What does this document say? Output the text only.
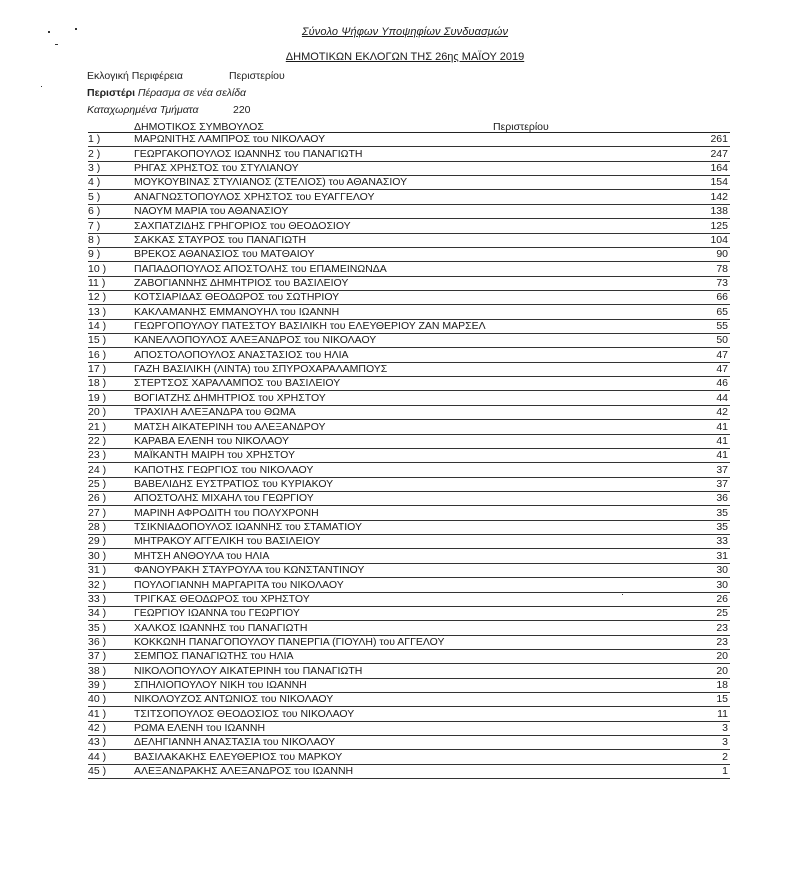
Σύνολο Ψήφων Υποψηφίων Συνδυασμών
ΔΗΜΟΤΙΚΩΝ ΕΚΛΟΓΩΝ ΤΗΣ 26ης ΜΑΪΟΥ 2019
Εκλογική Περιφέρεια	Περιστερίου
Περιστέρι Πέρασμα σε νέα σελίδα
Καταχωρημένα Τμήματα	220
ΔΗΜΟΤΙΚΟΣ ΣΥΜΒΟΥΛΟΣ	Περιστερίου
1 )	ΜΑΡΩΝΙΤΗΣ ΛΑΜΠΡΟΣ του ΝΙΚΟΛΑΟΥ	261
2 )	ΓΕΩΡΓΑΚΟΠΟΥΛΟΣ ΙΩΑΝΝΗΣ του ΠΑΝΑΓΙΩΤΗ	247
3 )	ΡΗΓΑΣ ΧΡΗΣΤΟΣ του ΣΤΥΛΙΑΝΟΥ	164
4 )	ΜΟΥΚΟΥΒΙΝΑΣ ΣΤΥΛΙΑΝΟΣ (ΣΤΕΛΙΟΣ) του ΑΘΑΝΑΣΙΟΥ	154
5 )	ΑΝΑΓΝΩΣΤΟΠΟΥΛΟΣ ΧΡΗΣΤΟΣ του ΕΥΑΓΓΕΛΟΥ	142
6 )	ΝΑΟΥΜ ΜΑΡΙΑ του ΑΘΑΝΑΣΙΟΥ	138
7 )	ΣΑΧΠΑΤΖΙΔΗΣ ΓΡΗΓΟΡΙΟΣ του ΘΕΟΔΟΣΙΟΥ	125
8 )	ΣΑΚΚΑΣ ΣΤΑΥΡΟΣ του ΠΑΝΑΓΙΩΤΗ	104
9 )	ΒΡΕΚΟΣ ΑΘΑΝΑΣΙΟΣ του ΜΑΤΘΑΙΟΥ	90
10 )	ΠΑΠΑΔΟΠΟΥΛΟΣ ΑΠΟΣΤΟΛΗΣ του ΕΠΑΜΕΙΝΩΝΔΑ	78
11 )	ΖΑΒΟΓΙΑΝΝΗΣ ΔΗΜΗΤΡΙΟΣ του ΒΑΣΙΛΕΙΟΥ	73
12 )	ΚΟΤΣΙΑΡΙΔΑΣ ΘΕΟΔΩΡΟΣ του ΣΩΤΗΡΙΟΥ	66
13 )	ΚΑΚΛΑΜΑΝΗΣ ΕΜΜΑΝΟΥΗΛ του ΙΩΑΝΝΗ	65
14 )	ΓΕΩΡΓΟΠΟΥΛΟΥ ΠΑΤΕΣΤΟΥ ΒΑΣΙΛΙΚΗ του ΕΛΕΥΘΕΡΙΟΥ ΖΑΝ ΜΑΡΣΕΛ	55
15 )	ΚΑΝΕΛΛΟΠΟΥΛΟΣ ΑΛΕΞΑΝΔΡΟΣ του ΝΙΚΟΛΑΟΥ	50
16 )	ΑΠΟΣΤΟΛΟΠΟΥΛΟΣ ΑΝΑΣΤΑΣΙΟΣ του ΗΛΙΑ	47
17 )	ΓΑΖΗ ΒΑΣΙΛΙΚΗ (ΛΙΝΤΑ) του ΣΠΥΡΟΧΑΡΑΛΑΜΠΟΥΣ	47
18 )	ΣΤΕΡΤΣΟΣ ΧΑΡΑΛΑΜΠΟΣ του ΒΑΣΙΛΕΙΟΥ	46
19 )	ΒΟΓΙΑΤΖΗΣ ΔΗΜΗΤΡΙΟΣ του ΧΡΗΣΤΟΥ	44
20 )	ΤΡΑΧΙΛΗ ΑΛΕΞΑΝΔΡΑ του ΘΩΜΑ	42
21 )	ΜΑΤΣΗ ΑΙΚΑΤΕΡΙΝΗ του ΑΛΕΞΑΝΔΡΟΥ	41
22 )	ΚΑΡΑΒΑ ΕΛΕΝΗ του ΝΙΚΟΛΑΟΥ	41
23 )	ΜΑΪΚΑΝΤΗ ΜΑΙΡΗ του ΧΡΗΣΤΟΥ	41
24 )	ΚΑΠΟΤΗΣ ΓΕΩΡΓΙΟΣ του ΝΙΚΟΛΑΟΥ	37
25 )	ΒΑΒΕΛΙΔΗΣ ΕΥΣΤΡΑΤΙΟΣ του ΚΥΡΙΑΚΟΥ	37
26 )	ΑΠΟΣΤΟΛΗΣ ΜΙΧΑΗΛ του ΓΕΩΡΓΙΟΥ	36
27 )	ΜΑΡΙΝΗ ΑΦΡΟΔΙΤΗ του ΠΟΛΥΧΡΟΝΗ	35
28 )	ΤΣΙΚΝΙΑΔΟΠΟΥΛΟΣ ΙΩΑΝΝΗΣ του ΣΤΑΜΑΤΙΟΥ	35
29 )	ΜΗΤΡΑΚΟΥ ΑΓΓΕΛΙΚΗ του ΒΑΣΙΛΕΙΟΥ	33
30 )	ΜΗΤΣΗ ΑΝΘΟΥΛΑ του ΗΛΙΑ	31
31 )	ΦΑΝΟΥΡΑΚΗ ΣΤΑΥΡΟΥΛΑ του ΚΩΝΣΤΑΝΤΙΝΟΥ	30
32 )	ΠΟΥΛΟΓΙΑΝΝΗ ΜΑΡΓΑΡΙΤΑ του ΝΙΚΟΛΑΟΥ	30
33 )	ΤΡΙΓΚΑΣ ΘΕΟΔΩΡΟΣ του ΧΡΗΣΤΟΥ	26
34 )	ΓΕΩΡΓΙΟΥ ΙΩΑΝΝΑ του ΓΕΩΡΓΙΟΥ	25
35 )	ΧΑΛΚΟΣ ΙΩΑΝΝΗΣ του ΠΑΝΑΓΙΩΤΗ	23
36 )	ΚΟΚΚΩΝΗ ΠΑΝΑΓΟΠΟΥΛΟΥ ΠΑΝΕΡΓΙΑ (ΓΙΟΥΛΗ) του ΑΓΓΕΛΟΥ	23
37 )	ΣΕΜΠΟΣ ΠΑΝΑΓΙΩΤΗΣ του ΗΛΙΑ	20
38 )	ΝΙΚΟΛΟΠΟΥΛΟΥ ΑΙΚΑΤΕΡΙΝΗ του ΠΑΝΑΓΙΩΤΗ	20
39 )	ΣΠΗΛΙΟΠΟΥΛΟΥ ΝΙΚΗ του ΙΩΑΝΝΗ	18
40 )	ΝΙΚΟΛΟΥΖΟΣ ΑΝΤΩΝΙΟΣ του ΝΙΚΟΛΑΟΥ	15
41 )	ΤΣΙΤΣΟΠΟΥΛΟΣ ΘΕΟΔΟΣΙΟΣ του ΝΙΚΟΛΑΟΥ	11
42 )	ΡΩΜΑ ΕΛΕΝΗ του ΙΩΑΝΝΗ	3
43 )	ΔΕΛΗΓΙΑΝΝΗ ΑΝΑΣΤΑΣΙΑ του ΝΙΚΟΛΑΟΥ	3
44 )	ΒΑΣΙΛΑΚΑΚΗΣ ΕΛΕΥΘΕΡΙΟΣ του ΜΑΡΚΟΥ	2
45 )	ΑΛΕΞΑΝΔΡΑΚΗΣ ΑΛΕΞΑΝΔΡΟΣ του ΙΩΑΝΝΗ	1
